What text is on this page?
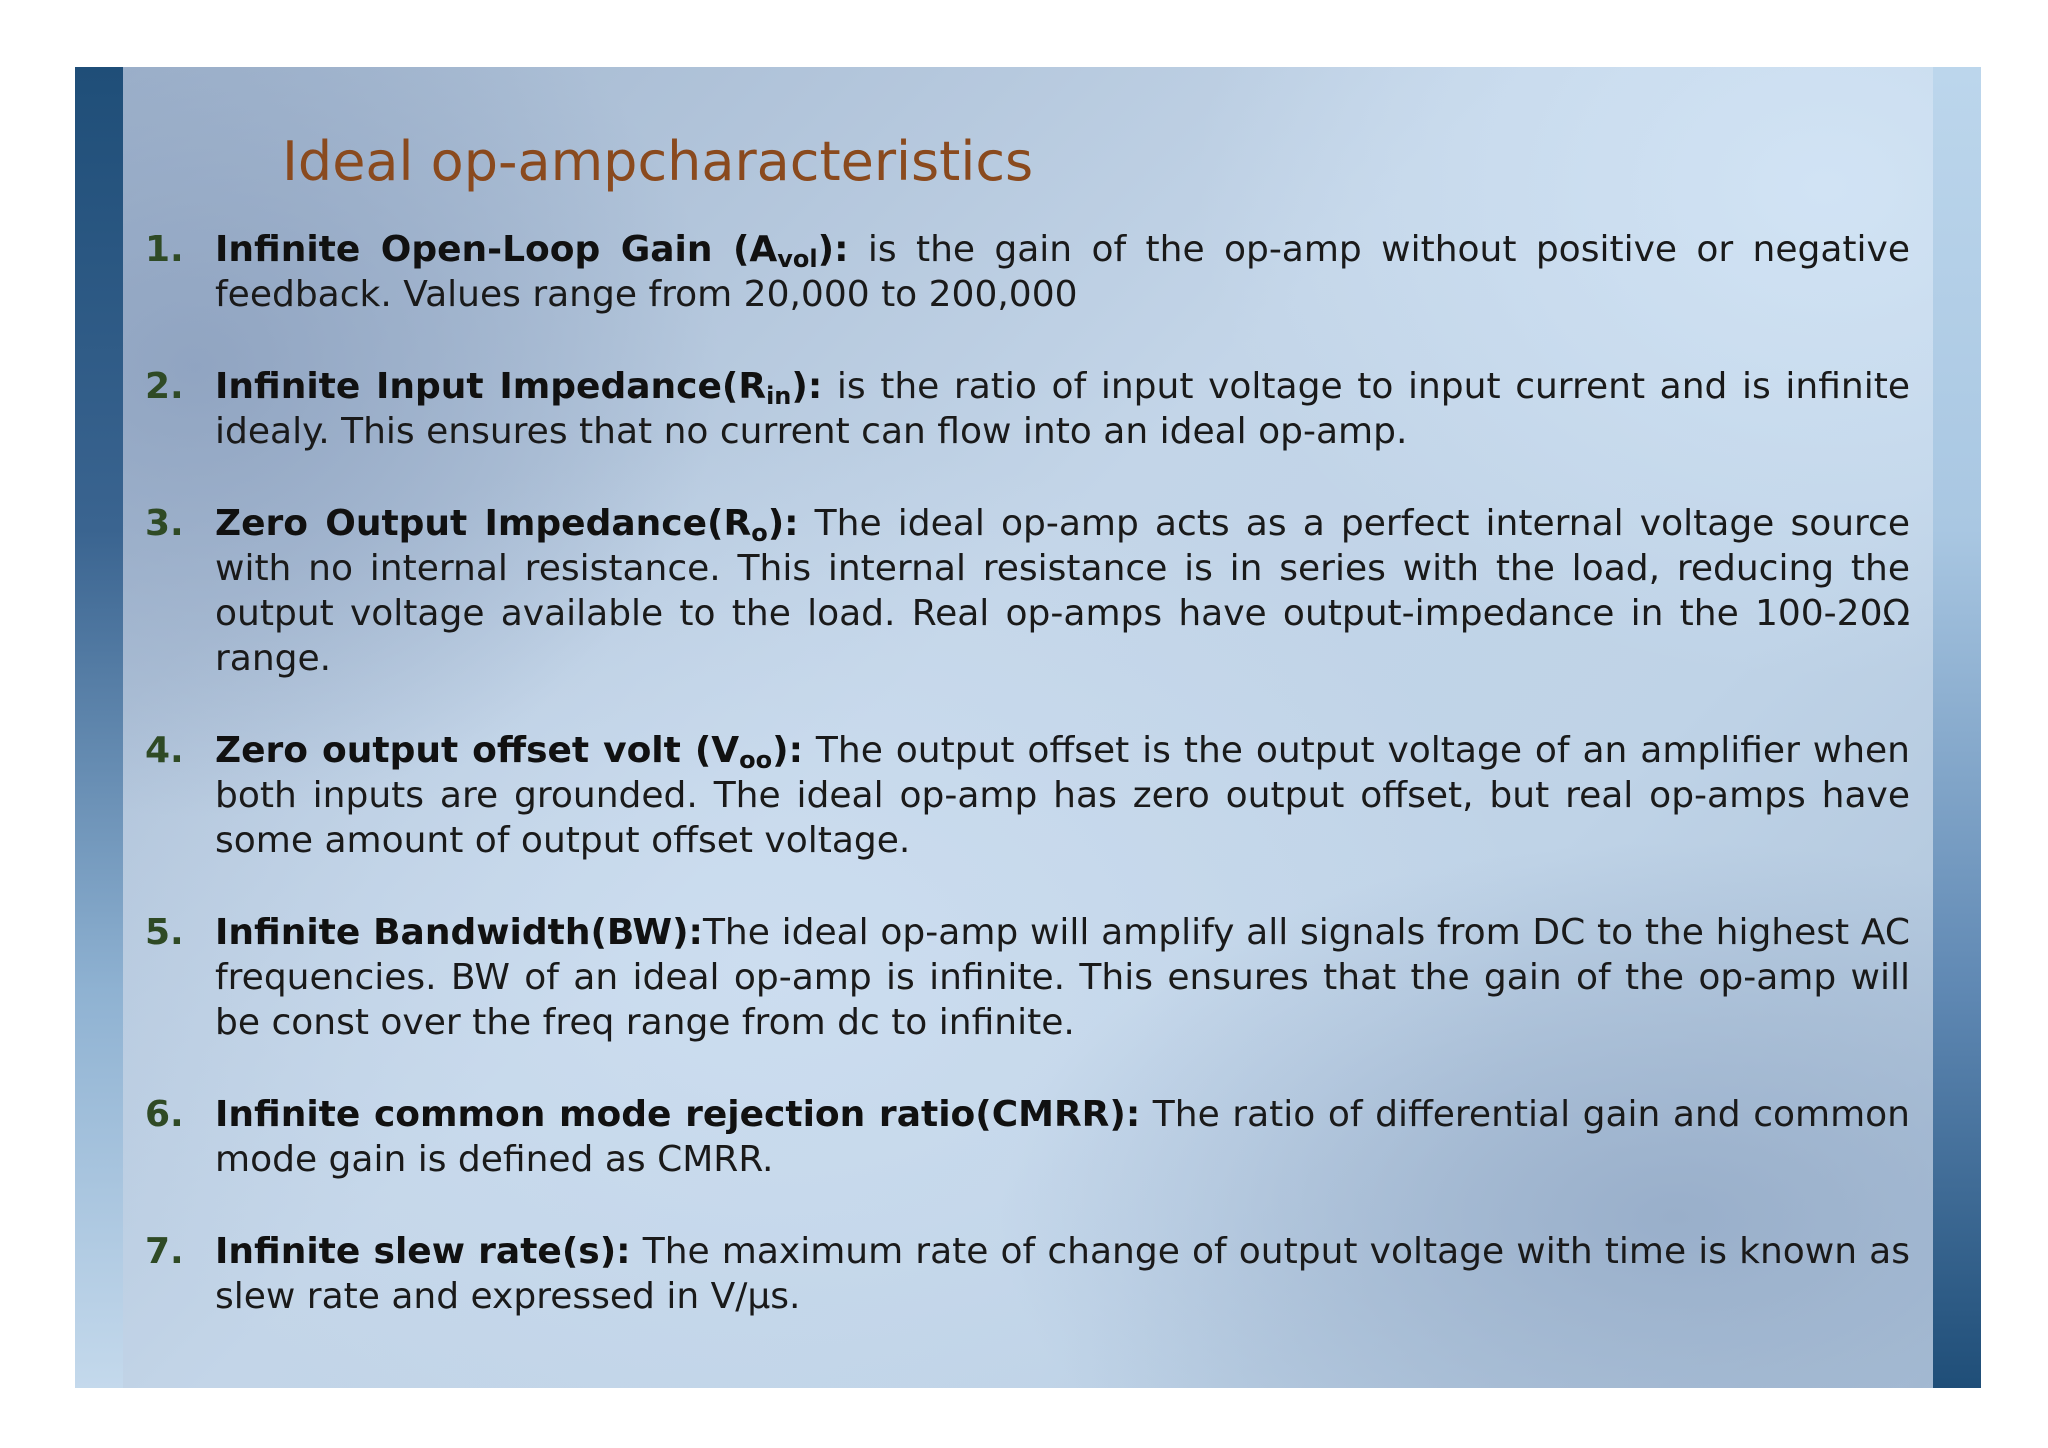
Ideal op-ampcharacteristics
1. Infinite Open-Loop Gain $(A_{vol})$: is the gain of the op-amp without positive or negative feedback. Values range from 20,000 to 200,000
2. Infinite Input $Impedance(R_{in})$: is the ratio of input voltage to input current and is infinite idealy. This ensures that no current can flow into an ideal op-amp.
3. Zero Output $Impedance(R_o)$: The ideal op-amp acts as a perfect internal voltage source with no internal resistance. This internal resistance is in series with the load, reducing the output voltage available to the load. Real op-amps have output-impedance in the 100-20Ω range.
4. Zero output offset volt $(V_{oo})$: The output offset is the output voltage of an amplifier when both inputs are grounded. The ideal op-amp has zero output offset, but real op-amps have some amount of output offset voltage.
5. Infinite Bandwidth(BW):The ideal op-amp will amplify all signals from DC to the highest AC frequencies. BW of an ideal op-amp is infinite. This ensures that the gain of the op-amp will be const over the freq range from dc to infinite.
6. Infinite common mode rejection ratio(CMRR): The ratio of differential gain and common mode gain is defined as CMRR.
7. Infinite slew rate(s): The maximum rate of change of output voltage with time is known as slew rate and expressed in V/µs.
